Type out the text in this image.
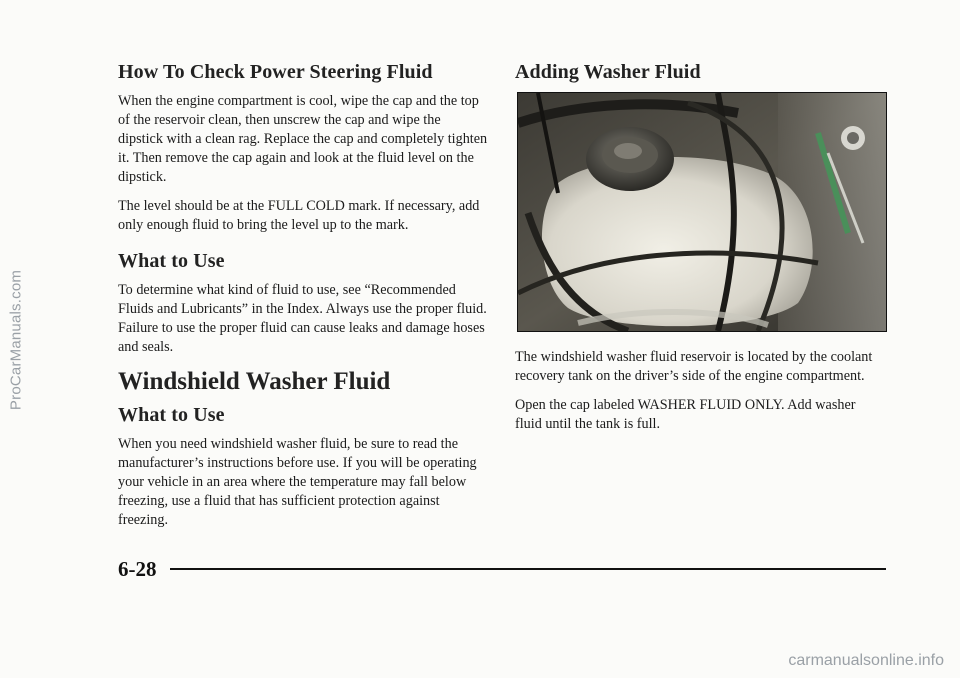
ProCarManuals.com
How To Check Power Steering Fluid

When the engine compartment is cool, wipe the cap and the top of the reservoir clean, then unscrew the cap and wipe the dipstick with a clean rag. Replace the cap and completely tighten it. Then remove the cap again and look at the fluid level on the dipstick.

The level should be at the FULL COLD mark. If necessary, add only enough fluid to bring the level up to the mark.

What to Use

To determine what kind of fluid to use, see “Recommended Fluids and Lubricants” in the Index. Always use the proper fluid. Failure to use the proper fluid can cause leaks and damage hoses and seals.

Windshield Washer Fluid
What to Use

When you need windshield washer fluid, be sure to read the manufacturer’s instructions before use. If you will be operating your vehicle in an area where the temperature may fall below freezing, use a fluid that has sufficient protection against freezing.

Adding Washer Fluid

The windshield washer fluid reservoir is located by the coolant recovery tank on the driver’s side of the engine compartment.

Open the cap labeled WASHER FLUID ONLY. Add washer fluid until the tank is full.

6-28
carmanualsonline.info
